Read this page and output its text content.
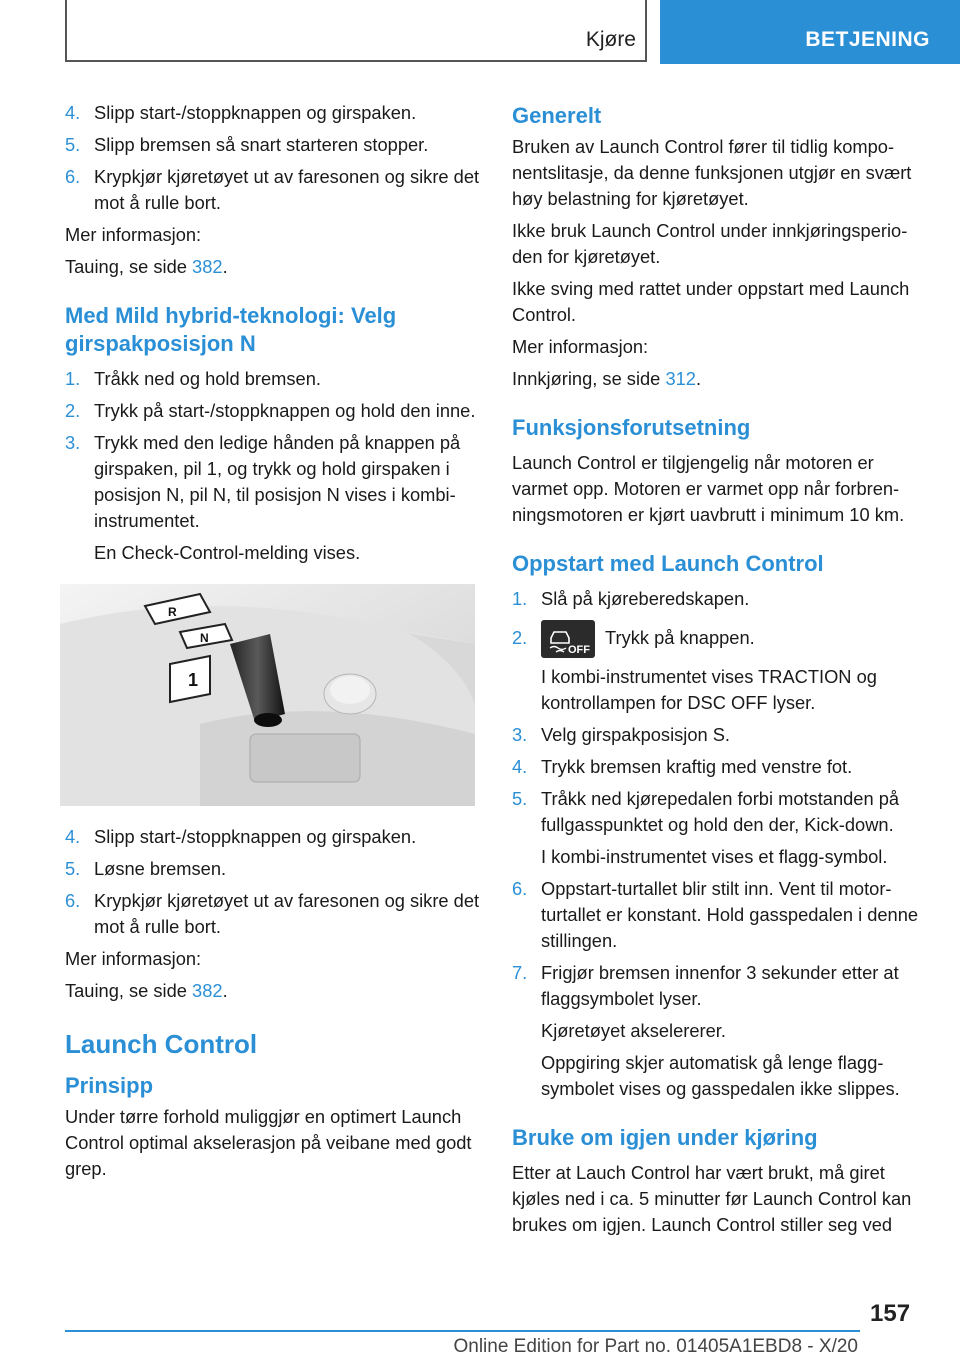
Kjøre	BETJENING
4. Slipp start-/stoppknappen og girspaken.
5. Slipp bremsen så snart starteren stopper.
6. Krypkjør kjøretøyet ut av faresonen og sikre det mot å rulle bort.
Mer informasjon:
Tauing, se side 382.
Med Mild hybrid-teknologi: Velg girspakposisjon N
1. Tråkk ned og hold bremsen.
2. Trykk på start-/stoppknappen og hold den inne.
3. Trykk med den ledige hånden på knappen på girspaken, pil 1, og trykk og hold girspaken i posisjon N, pil N, til posisjon N vises i kombi-instrumentet.
En Check-Control-melding vises.
R
N
1
4. Slipp start-/stoppknappen og girspaken.
5. Løsne bremsen.
6. Krypkjør kjøretøyet ut av faresonen og sikre det mot å rulle bort.
Mer informasjon:
Tauing, se side 382.
Launch Control
Prinsipp
Under tørre forhold muliggjør en optimert Launch Control optimal akselerasjon på veibane med godt grep.
Generelt
Bruken av Launch Control fører til tidlig kompo-nentslitasje, da denne funksjonen utgjør en svært høy belastning for kjøretøyet.
Ikke bruk Launch Control under innkjøringsperio-den for kjøretøyet.
Ikke sving med rattet under oppstart med Launch Control.
Mer informasjon:
Innkjøring, se side 312.
Funksjonsforutsetning
Launch Control er tilgjengelig når motoren er varmet opp. Motoren er varmet opp når forbren-ningsmotoren er kjørt uavbrutt i minimum 10 km.
Oppstart med Launch Control
1. Slå på kjøreberedskapen.
2.
OFF
Trykk på knappen.
I kombi-instrumentet vises TRACTION og kontrollampen for DSC OFF lyser.
3. Velg girspakposisjon S.
4. Trykk bremsen kraftig med venstre fot.
5. Tråkk ned kjørepedalen forbi motstanden på fullgasspunktet og hold den der, Kick-down.
I kombi-instrumentet vises et flagg-symbol.
6. Oppstart-turtallet blir stilt inn. Vent til motor-turtallet er konstant. Hold gasspedalen i denne stillingen.
7. Frigjør bremsen innenfor 3 sekunder etter at flaggsymbolet lyser.
Kjøretøyet akselererer.
Oppgiring skjer automatisk gå lenge flagg-symbolet vises og gasspedalen ikke slippes.
Bruke om igjen under kjøring
Etter at Lauch Control har vært brukt, må giret kjøles ned i ca. 5 minutter før Launch Control kan brukes om igjen. Launch Control stiller seg ved
157
Online Edition for Part no. 01405A1EBD8 - X/20
